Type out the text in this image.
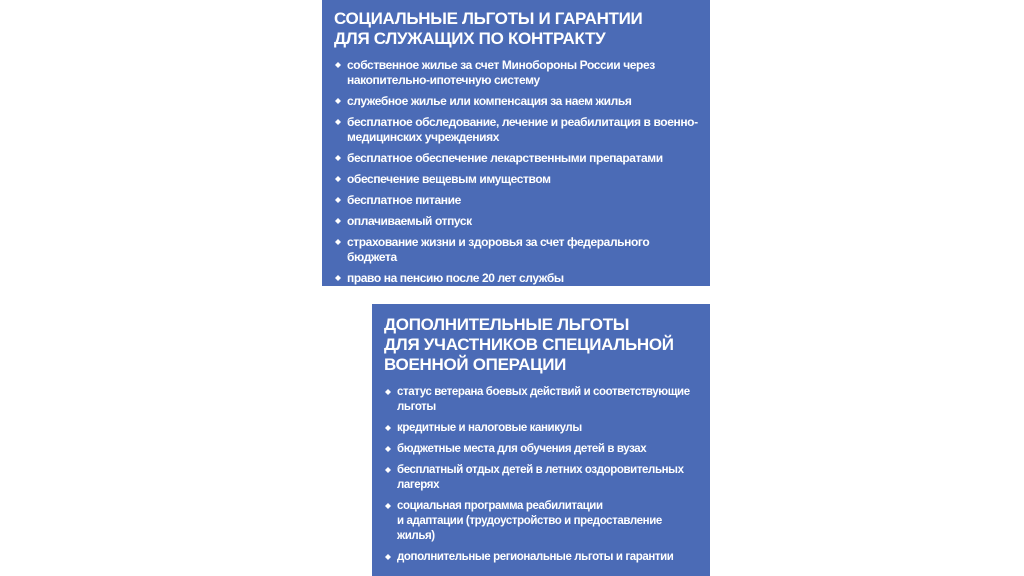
СОЦИАЛЬНЫЕ ЛЬГОТЫ И ГАРАНТИИ
ДЛЯ СЛУЖАЩИХ ПО КОНТРАКТУ
собственное жилье за счет Минобороны России через накопительно-ипотечную систему
служебное жилье или компенсация за наем жилья
бесплатное обследование, лечение и реабилитация в военно-медицинских учреждениях
бесплатное обеспечение лекарственными препаратами
обеспечение вещевым имуществом
бесплатное питание
оплачиваемый отпуск
страхование жизни и здоровья за счет федерального бюджета
право на пенсию после 20 лет службы
ДОПОЛНИТЕЛЬНЫЕ ЛЬГОТЫ
ДЛЯ УЧАСТНИКОВ СПЕЦИАЛЬНОЙ
ВОЕННОЙ ОПЕРАЦИИ
статус ветерана боевых действий и соответствующие льготы
кредитные и налоговые каникулы
бюджетные места для обучения детей в вузах
бесплатный отдых детей в летних оздоровительных лагерях
социальная программа реабилитации
и адаптации (трудоустройство и предоставление жилья)
дополнительные региональные льготы и гарантии
